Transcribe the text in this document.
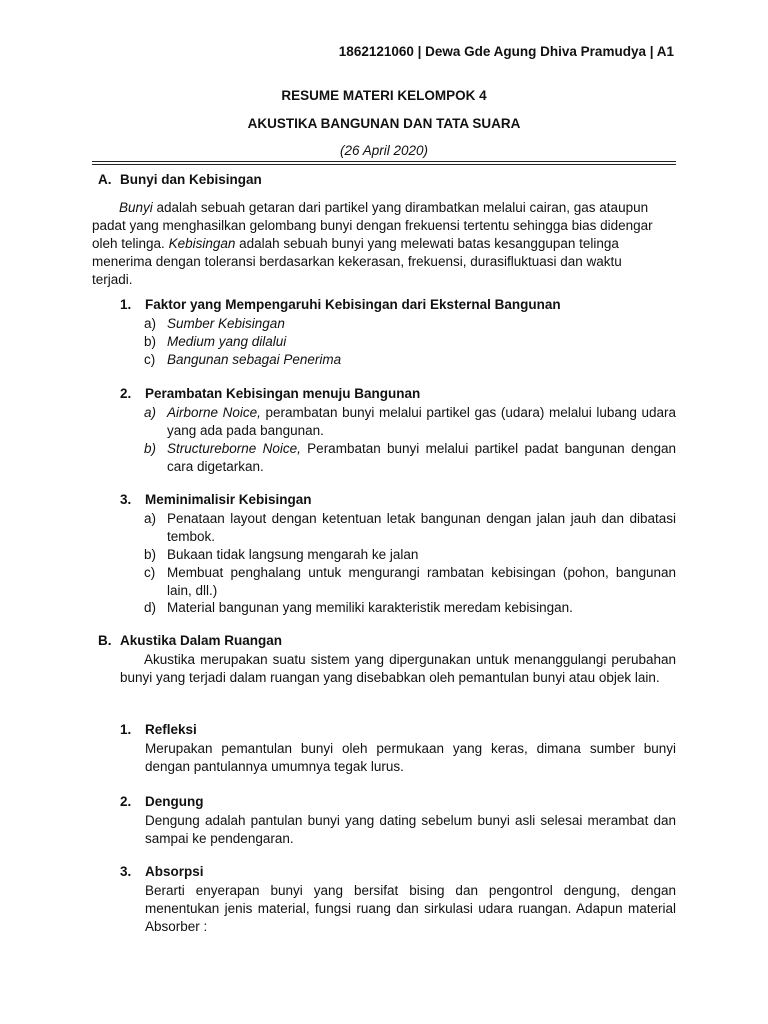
1862121060 | Dewa Gde Agung Dhiva Pramudya | A1
RESUME MATERI KELOMPOK 4
AKUSTIKA BANGUNAN DAN TATA SUARA
(26 April 2020)
A. Bunyi dan Kebisingan
Bunyi adalah sebuah getaran dari partikel yang dirambatkan melalui cairan, gas ataupun
padat yang menghasilkan gelombang bunyi dengan frekuensi tertentu sehingga bias didengar
oleh telinga. Kebisingan adalah sebuah bunyi yang melewati batas kesanggupan telinga
menerima dengan toleransi berdasarkan kekerasan, frekuensi, durasifluktuasi dan waktu
terjadi.
1. Faktor yang Mempengaruhi Kebisingan dari Eksternal Bangunan
a) Sumber Kebisingan
b) Medium yang dilalui
c) Bangunan sebagai Penerima
2. Perambatan Kebisingan menuju Bangunan
a) Airborne Noice, perambatan bunyi melalui partikel gas (udara) melalui lubang udara yang ada pada bangunan.
b) Structureborne Noice, Perambatan bunyi melalui partikel padat bangunan dengan cara digetarkan.
3. Meminimalisir Kebisingan
a) Penataan layout dengan ketentuan letak bangunan dengan jalan jauh dan dibatasi tembok.
b) Bukaan tidak langsung mengarah ke jalan
c) Membuat penghalang untuk mengurangi rambatan kebisingan (pohon, bangunan lain, dll.)
d) Material bangunan yang memiliki karakteristik meredam kebisingan.
B. Akustika Dalam Ruangan
Akustika merupakan suatu sistem yang dipergunakan untuk menanggulangi perubahan bunyi yang terjadi dalam ruangan yang disebabkan oleh pemantulan bunyi atau objek lain.
1. Refleksi
Merupakan pemantulan bunyi oleh permukaan yang keras, dimana sumber bunyi dengan pantulannya umumnya tegak lurus.
2. Dengung
Dengung adalah pantulan bunyi yang dating sebelum bunyi asli selesai merambat dan sampai ke pendengaran.
3. Absorpsi
Berarti enyerapan bunyi yang bersifat bising dan pengontrol dengung, dengan menentukan jenis material, fungsi ruang dan sirkulasi udara ruangan. Adapun material Absorber :
